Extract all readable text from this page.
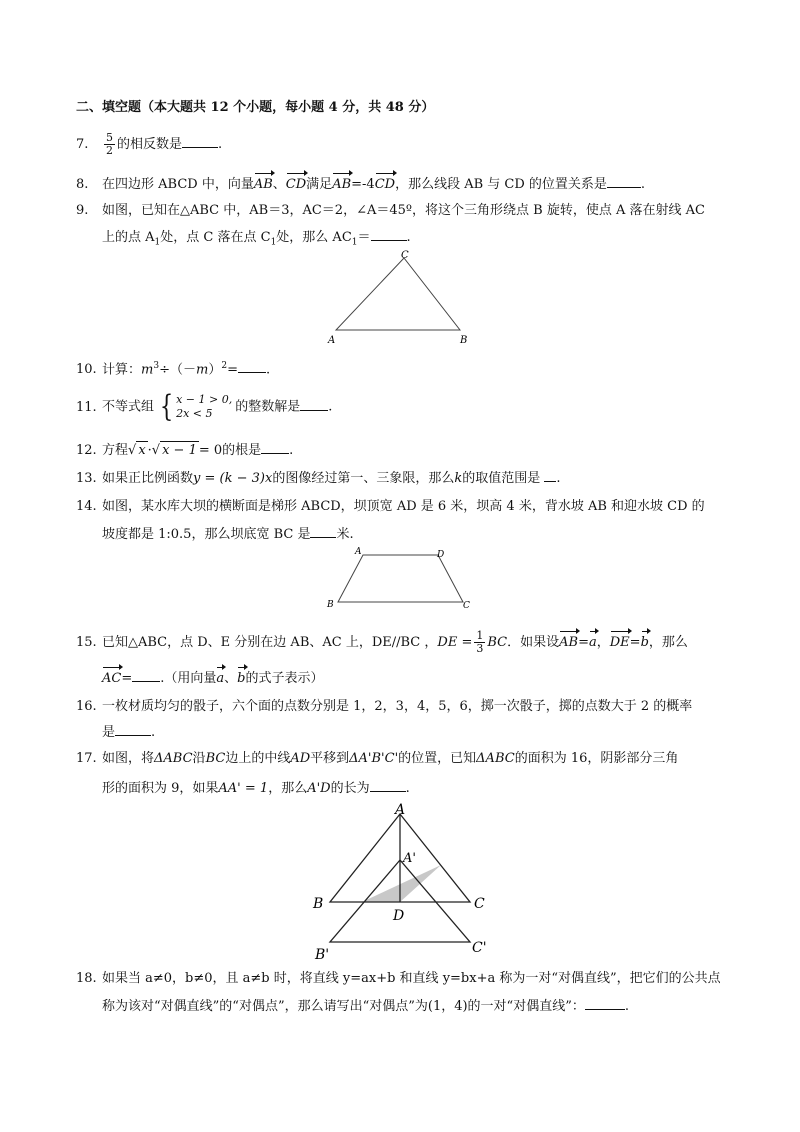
二、填空题（本大题共 12 个小题，每小题 4 分，共 48 分）
7. $\frac{5}{2}$ 的相反数是	.
8. 在四边形 ABCD 中，向量AB、CD满足AB=-4CD，那么线段 AB 与 CD 的位置关系是	.
9. 如图，已知在△ABC 中，AB＝3，AC＝2，∠A＝45º，将这个三角形绕点 B 旋转，使点 A 落在射线 AC
上的点 $A_1$处，点 C 落在点 $C_1$处，那么 $AC_1=$	.
A	B
C
10. 计算：$m^3\div(-m)^2=$ .
11. 不等式组 { x − 1 > 0,
2x < 5	的整数解是 .
12. 方程√ x ·√ x − 1 = 0的根是 .
13. 如果正比例函数y = (k − 3)x的图像经过第一、三象限，那么k的取值范围是 .
14. 如图，某水库大坝的横断面是梯形 ABCD，坝顶宽 AD 是 6 米，坝高 4 米，背水坡 AB 和迎水坡 CD 的
坡度都是 1:0.5，那么坝底宽 BC 是 米.
A	D
B	C
15. 已知△ABC，点 D、E 分别在边 AB、AC 上，DE//BC ，DE = $\frac{1}{3}$ BC．如果设AB=a，DE=b，那么
AC= .（用向量a、b的式子表示）
16. 一枚材质均匀的骰子，六个面的点数分别是 1，2，3，4，5，6，掷一次骰子，掷的点数大于 2 的概率
是	.
17. 如图，将ΔABC沿BC边上的中线AD平移到ΔA'B'C'的位置，已知ΔABC的面积为 16，阴影部分三角
形的面积为 9，如果AA' = 1，那么A'D的长为	.
A
A'
B	C
D
B'	C'
18. 如果当 a≠0，b≠0，且 a≠b 时，将直线 y=ax+b 和直线 y=bx+a 称为一对“对偶直线”，把它们的公共点
称为该对“对偶直线”的“对偶点”，那么请写出“对偶点”为(1，4)的一对“对偶直线”：	.
